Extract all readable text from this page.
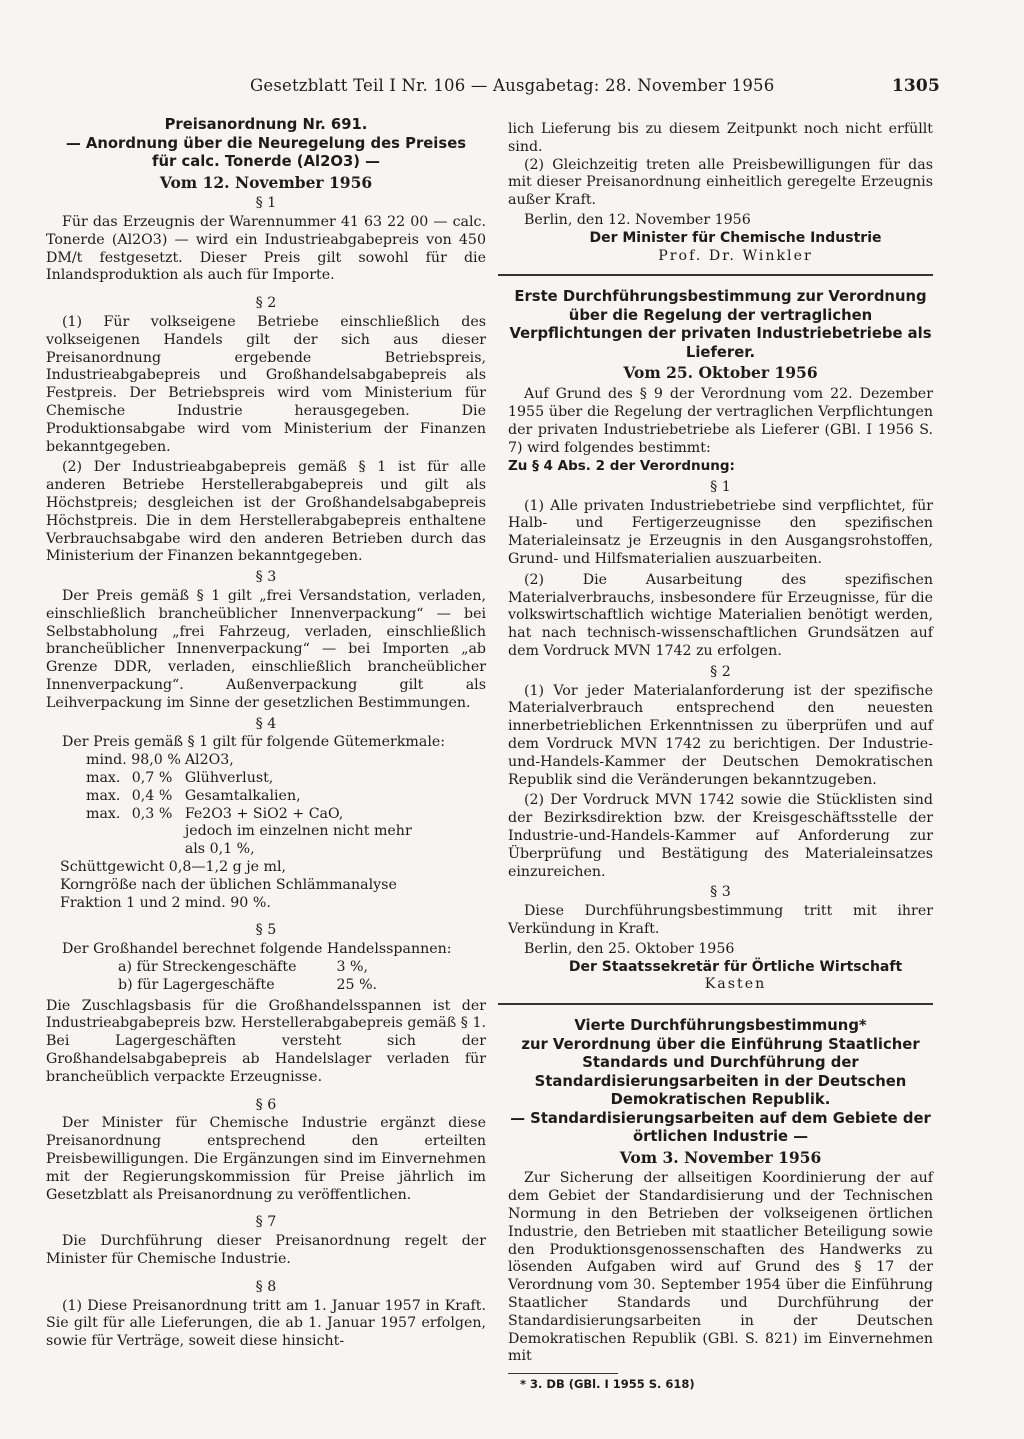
Gesetzblatt Teil I Nr. 106 — Ausgabetag: 28. November 1956	1305
Preisanordnung Nr. 691.
— Anordnung über die Neuregelung des Preises
für calc. Tonerde (Al2O3) —
Vom 12. November 1956
§ 1

Für das Erzeugnis der Warennummer 41 63 22 00 — calc. Tonerde (Al2O3) — wird ein Industrieabgabepreis von 450 DM/t festgesetzt. Dieser Preis gilt sowohl für die Inlandsproduktion als auch für Importe.

§ 2

(1) Für volkseigene Betriebe einschließlich des volkseigenen Handels gilt der sich aus dieser Preisanordnung ergebende Betriebspreis, Industrieabgabepreis und Großhandelsabgabepreis als Festpreis. Der Betriebspreis wird vom Ministerium für Chemische Industrie herausgegeben. Die Produktionsabgabe wird vom Ministerium der Finanzen bekanntgegeben.

(2) Der Industrieabgabepreis gemäß § 1 ist für alle anderen Betriebe Herstellerabgabepreis und gilt als Höchstpreis; desgleichen ist der Großhandelsabgabepreis Höchstpreis. Die in dem Herstellerabgabepreis enthaltene Verbrauchsabgabe wird den anderen Betrieben durch das Ministerium der Finanzen bekanntgegeben.

§ 3

Der Preis gemäß § 1 gilt „frei Versandstation, verladen, einschließlich brancheüblicher Innenverpackung“ — bei Selbstabholung „frei Fahrzeug, verladen, einschließlich brancheüblicher Innenverpackung“ — bei Importen „ab Grenze DDR, verladen, einschließlich brancheüblicher Innenverpackung“. Außenverpackung gilt als Leihverpackung im Sinne der gesetzlichen Bestimmungen.

§ 4

Der Preis gemäß § 1 gilt für folgende Gütemerkmale:

mind. 98,0 %		Al2O3,
max.	0,7 %	Glühverlust,
max.	0,4 %	Gesamtalkalien,
max.	0,3 %	Fe2O3 + SiO2 + CaO,
		jedoch im einzelnen nicht mehr als 0,1 %,

Schüttgewicht 0,8—1,2 g je ml,

Korngröße nach der üblichen Schlämmanalyse Fraktion 1 und 2 mind. 90 %.

§ 5

Der Großhandel berechnet folgende Handelsspannen:

a) für Streckengeschäfte	3 %,
b) für Lagergeschäfte	25 %.

Die Zuschlagsbasis für die Großhandelsspannen ist der Industrieabgabepreis bzw. Herstellerabgabepreis gemäß § 1. Bei Lagergeschäften versteht sich der Großhandelsabgabepreis ab Handelslager verladen für brancheüblich verpackte Erzeugnisse.

§ 6

Der Minister für Chemische Industrie ergänzt diese Preisanordnung entsprechend den erteilten Preisbewilligungen. Die Ergänzungen sind im Einvernehmen mit der Regierungskommission für Preise jährlich im Gesetzblatt als Preisanordnung zu veröffentlichen.

§ 7

Die Durchführung dieser Preisanordnung regelt der Minister für Chemische Industrie.

§ 8

(1) Diese Preisanordnung tritt am 1. Januar 1957 in Kraft. Sie gilt für alle Lieferungen, die ab 1. Januar 1957 erfolgen, sowie für Verträge, soweit diese hinsicht-

lich Lieferung bis zu diesem Zeitpunkt noch nicht erfüllt sind.

(2) Gleichzeitig treten alle Preisbewilligungen für das mit dieser Preisanordnung einheitlich geregelte Erzeugnis außer Kraft.

Berlin, den 12. November 1956
Der Minister für Chemische Industrie
Prof. Dr. Winkler
Erste Durchführungsbestimmung zur Verordnung über die Regelung der vertraglichen Verpflichtungen der privaten Industriebetriebe als Lieferer.
Vom 25. Oktober 1956

Auf Grund des § 9 der Verordnung vom 22. Dezember 1955 über die Regelung der vertraglichen Verpflichtungen der privaten Industriebetriebe als Lieferer (GBl. I 1956 S. 7) wird folgendes bestimmt:

Zu § 4 Abs. 2 der Verordnung:
§ 1

(1) Alle privaten Industriebetriebe sind verpflichtet, für Halb- und Fertigerzeugnisse den spezifischen Materialeinsatz je Erzeugnis in den Ausgangsrohstoffen, Grund- und Hilfsmaterialien auszuarbeiten.

(2) Die Ausarbeitung des spezifischen Materialverbrauchs, insbesondere für Erzeugnisse, für die volkswirtschaftlich wichtige Materialien benötigt werden, hat nach technisch-wissenschaftlichen Grundsätzen auf dem Vordruck MVN 1742 zu erfolgen.

§ 2

(1) Vor jeder Materialanforderung ist der spezifische Materialverbrauch entsprechend den neuesten innerbetrieblichen Erkenntnissen zu überprüfen und auf dem Vordruck MVN 1742 zu berichtigen. Der Industrie- und-Handels-Kammer der Deutschen Demokratischen Republik sind die Veränderungen bekanntzugeben.

(2) Der Vordruck MVN 1742 sowie die Stücklisten sind der Bezirksdirektion bzw. der Kreisgeschäftsstelle der Industrie-und-Handels-Kammer auf Anforderung zur Überprüfung und Bestätigung des Materialeinsatzes einzureichen.

§ 3

Diese Durchführungsbestimmung tritt mit ihrer Verkündung in Kraft.

Berlin, den 25. Oktober 1956
Der Staatssekretär für Örtliche Wirtschaft
Kasten
Vierte Durchführungsbestimmung*
zur Verordnung über die Einführung Staatlicher Standards und Durchführung der Standardisierungsarbeiten in der Deutschen Demokratischen Republik.
— Standardisierungsarbeiten auf dem Gebiete der örtlichen Industrie —
Vom 3. November 1956

Zur Sicherung der allseitigen Koordinierung der auf dem Gebiet der Standardisierung und der Technischen Normung in den Betrieben der volkseigenen örtlichen Industrie, den Betrieben mit staatlicher Beteiligung sowie den Produktionsgenossenschaften des Handwerks zu lösenden Aufgaben wird auf Grund des § 17 der Verordnung vom 30. September 1954 über die Einführung Staatlicher Standards und Durchführung der Standardisierungsarbeiten in der Deutschen Demokratischen Republik (GBl. S. 821) im Einvernehmen mit

* 3. DB (GBl. I 1955 S. 618)
